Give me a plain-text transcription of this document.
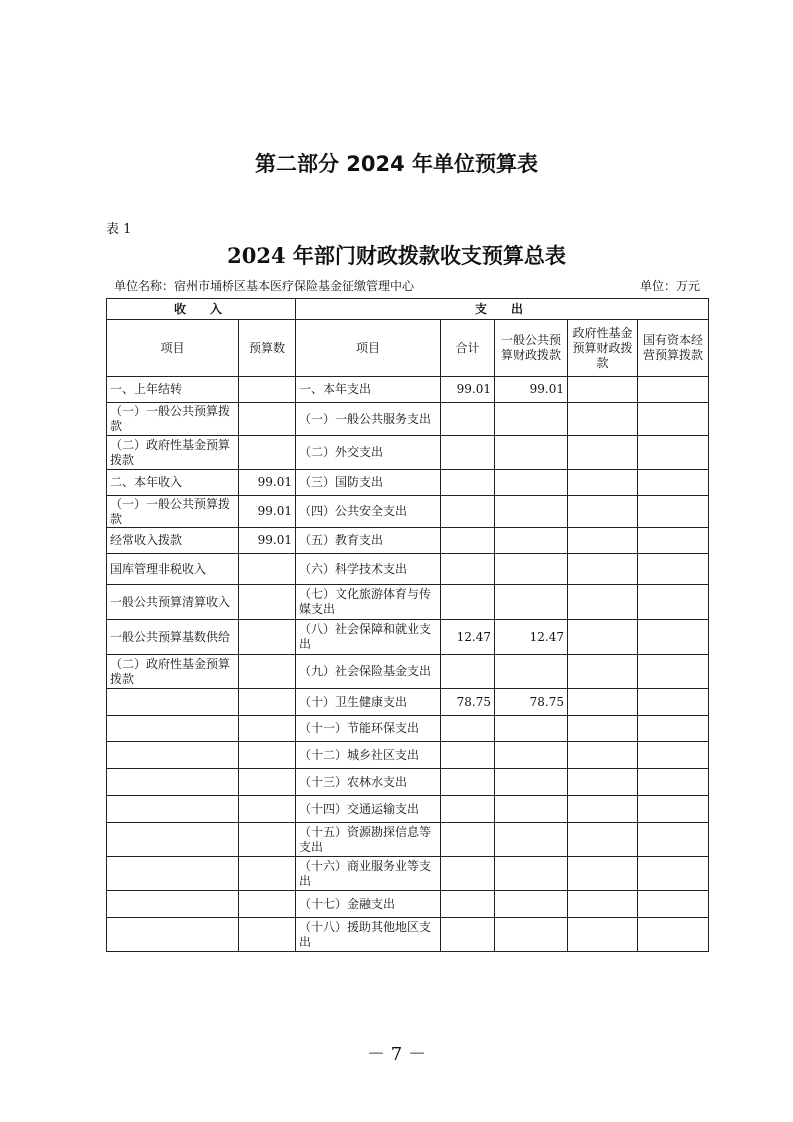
第二部分 2024 年单位预算表
表 1
2024 年部门财政拨款收支预算总表
单位名称：宿州市埇桥区基本医疗保险基金征缴管理中心	单位：万元
收　入		支　出				
项目	预算数	项目	合计	一般公共预算财政拨款	政府性基金预算财政拨款	国有资本经营预算拨款
一、上年结转		一、本年支出	99.01	99.01		
（一）一般公共预算拨款		（一）一般公共服务支出				
（二）政府性基金预算拨款		（二）外交支出				
二、本年收入	99.01	（三）国防支出				
（一）一般公共预算拨款	99.01	（四）公共安全支出				
经常收入拨款	99.01	（五）教育支出				
国库管理非税收入		（六）科学技术支出				
一般公共预算清算收入		（七）文化旅游体育与传媒支出				
一般公共预算基数供给		（八）社会保障和就业支出	12.47	12.47		
（二）政府性基金预算拨款		（九）社会保险基金支出				
		（十）卫生健康支出	78.75	78.75		
		（十一）节能环保支出				
		（十二）城乡社区支出				
		（十三）农林水支出				
		（十四）交通运输支出				
		（十五）资源勘探信息等支出				
		（十六）商业服务业等支出				
		（十七）金融支出				
		（十八）援助其他地区支出				
－ 7 －
